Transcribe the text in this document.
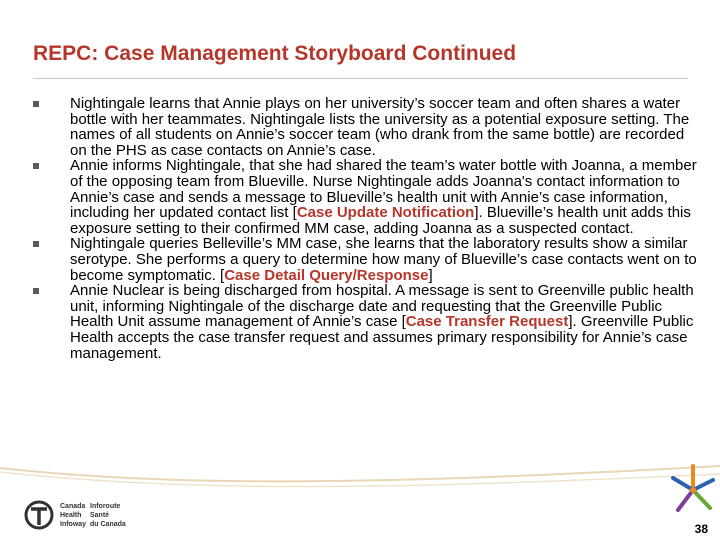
REPC: Case Management Storyboard Continued
Nightingale learns that Annie plays on her university’s soccer team and often shares a water bottle with her teammates. Nightingale lists the university as a potential exposure setting. The names of all students on Annie’s soccer team (who drank from the same bottle) are recorded on the PHS as case contacts on Annie’s case.
Annie informs Nightingale, that she had shared the team’s water bottle with Joanna, a member of the opposing team from Blueville. Nurse Nightingale adds Joanna's contact information to Annie’s case and sends a message to Blueville’s health unit with Annie’s case information, including her updated contact list [Case Update Notification]. Blueville’s health unit adds this exposure setting to their confirmed MM case, adding Joanna as a suspected contact.
Nightingale queries Belleville’s MM case, she learns that the laboratory results show a similar serotype. She performs a query to determine how many of Blueville’s case contacts went on to become symptomatic. [Case Detail Query/Response]
Annie Nuclear is being discharged from hospital. A message is sent to Greenville public health unit, informing Nightingale of the discharge date and requesting that the Greenville Public Health Unit assume management of Annie’s case [Case Transfer Request]. Greenville Public Health accepts the case transfer request and assumes primary responsibility for Annie’s case management.
Canada
Health
Infoway
Inforoute
Santé
du Canada	38
